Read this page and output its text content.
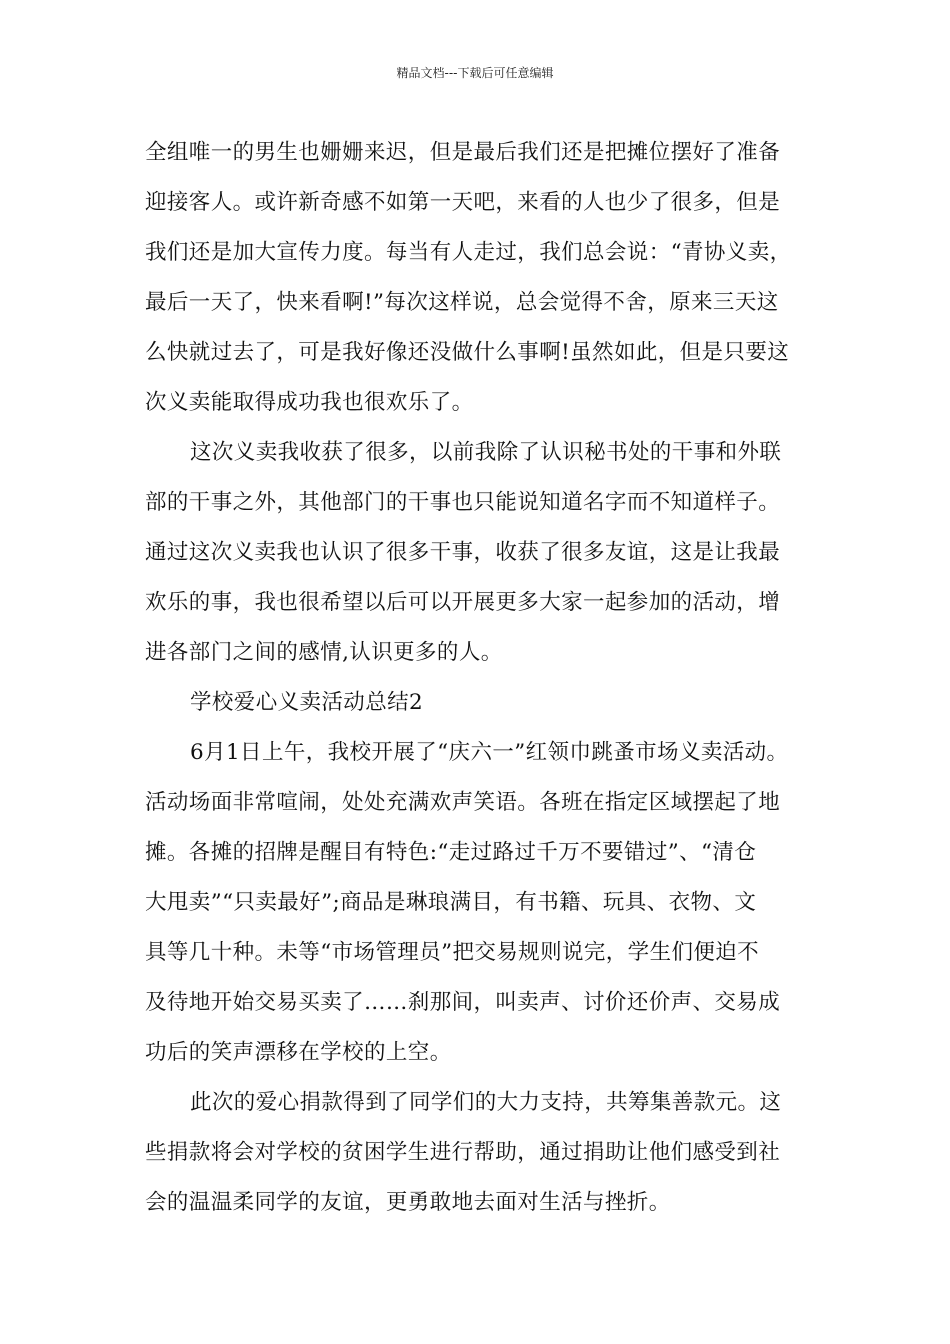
精品文档---下载后可任意编辑
全组唯一的男生也姗姗来迟，但是最后我们还是把摊位摆好了准备
迎接客人。或许新奇感不如第一天吧，来看的人也少了很多，但是
我们还是加大宣传力度。每当有人走过，我们总会说：“青协义卖，
最后一天了，快来看啊!”每次这样说，总会觉得不舍，原来三天这
么快就过去了，可是我好像还没做什么事啊!虽然如此，但是只要这
次义卖能取得成功我也很欢乐了。
这次义卖我收获了很多，以前我除了认识秘书处的干事和外联
部的干事之外，其他部门的干事也只能说知道名字而不知道样子。
通过这次义卖我也认识了很多干事，收获了很多友谊，这是让我最
欢乐的事，我也很希望以后可以开展更多大家一起参加的活动，增
进各部门之间的感情,认识更多的人。
学校爱心义卖活动总结2
6月1日上午，我校开展了“庆六一”红领巾跳蚤市场义卖活动。
活动场面非常喧闹，处处充满欢声笑语。各班在指定区域摆起了地
摊。各摊的招牌是醒目有特色:“走过路过千万不要错过”、“清仓
大甩卖”“只卖最好”;商品是琳琅满目，有书籍、玩具、衣物、文
具等几十种。未等“市场管理员”把交易规则说完，学生们便迫不
及待地开始交易买卖了……刹那间，叫卖声、讨价还价声、交易成
功后的笑声漂移在学校的上空。
此次的爱心捐款得到了同学们的大力支持，共筹集善款元。这
些捐款将会对学校的贫困学生进行帮助，通过捐助让他们感受到社
会的温温柔同学的友谊，更勇敢地去面对生活与挫折。
